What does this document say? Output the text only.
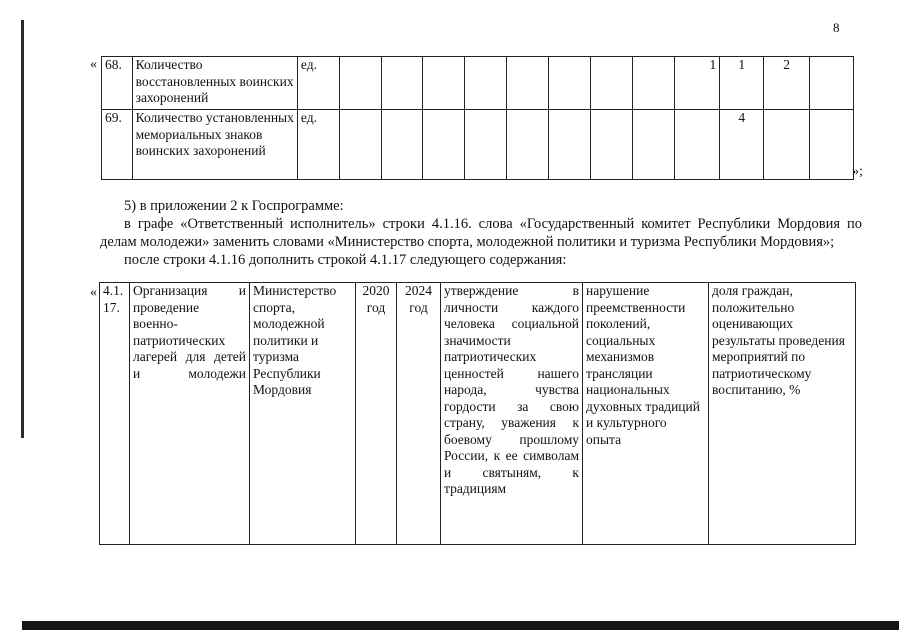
8
« 68.	Количество восстановленных воинских захоронений	ед.									1	1	2	
69.	Количество установленных мемориальных знаков воинских захоронений	ед.										4		
»;
5) в приложении 2 к Госпрограмме:
в графе «Ответственный исполнитель» строки 4.1.16. слова «Государственный комитет Республики Мордовия по делам молодежи» заменить словами «Министерство спорта, молодежной политики и туризма Республики Мордовия»;
после строки 4.1.16 дополнить строкой 4.1.17 следующего содержания:
« 4.1.17.	Организация и проведение военно-патриотических лагерей для детей и молодежи	Министерство спорта, молодежной политики и туризма Республики Мордовия	2020 год	2024 год	утверждение в личности каждого человека социальной значимости патриотических ценностей нашего народа, чувства гордости за свою страну, уважения к боевому прошлому России, к ее символам и святыням, к традициям	нарушение преемственности поколений, социальных механизмов трансляции национальных духовных традиций и культурного опыта	доля граждан, положительно оценивающих результаты проведения мероприятий по патриотическому воспитанию, %
